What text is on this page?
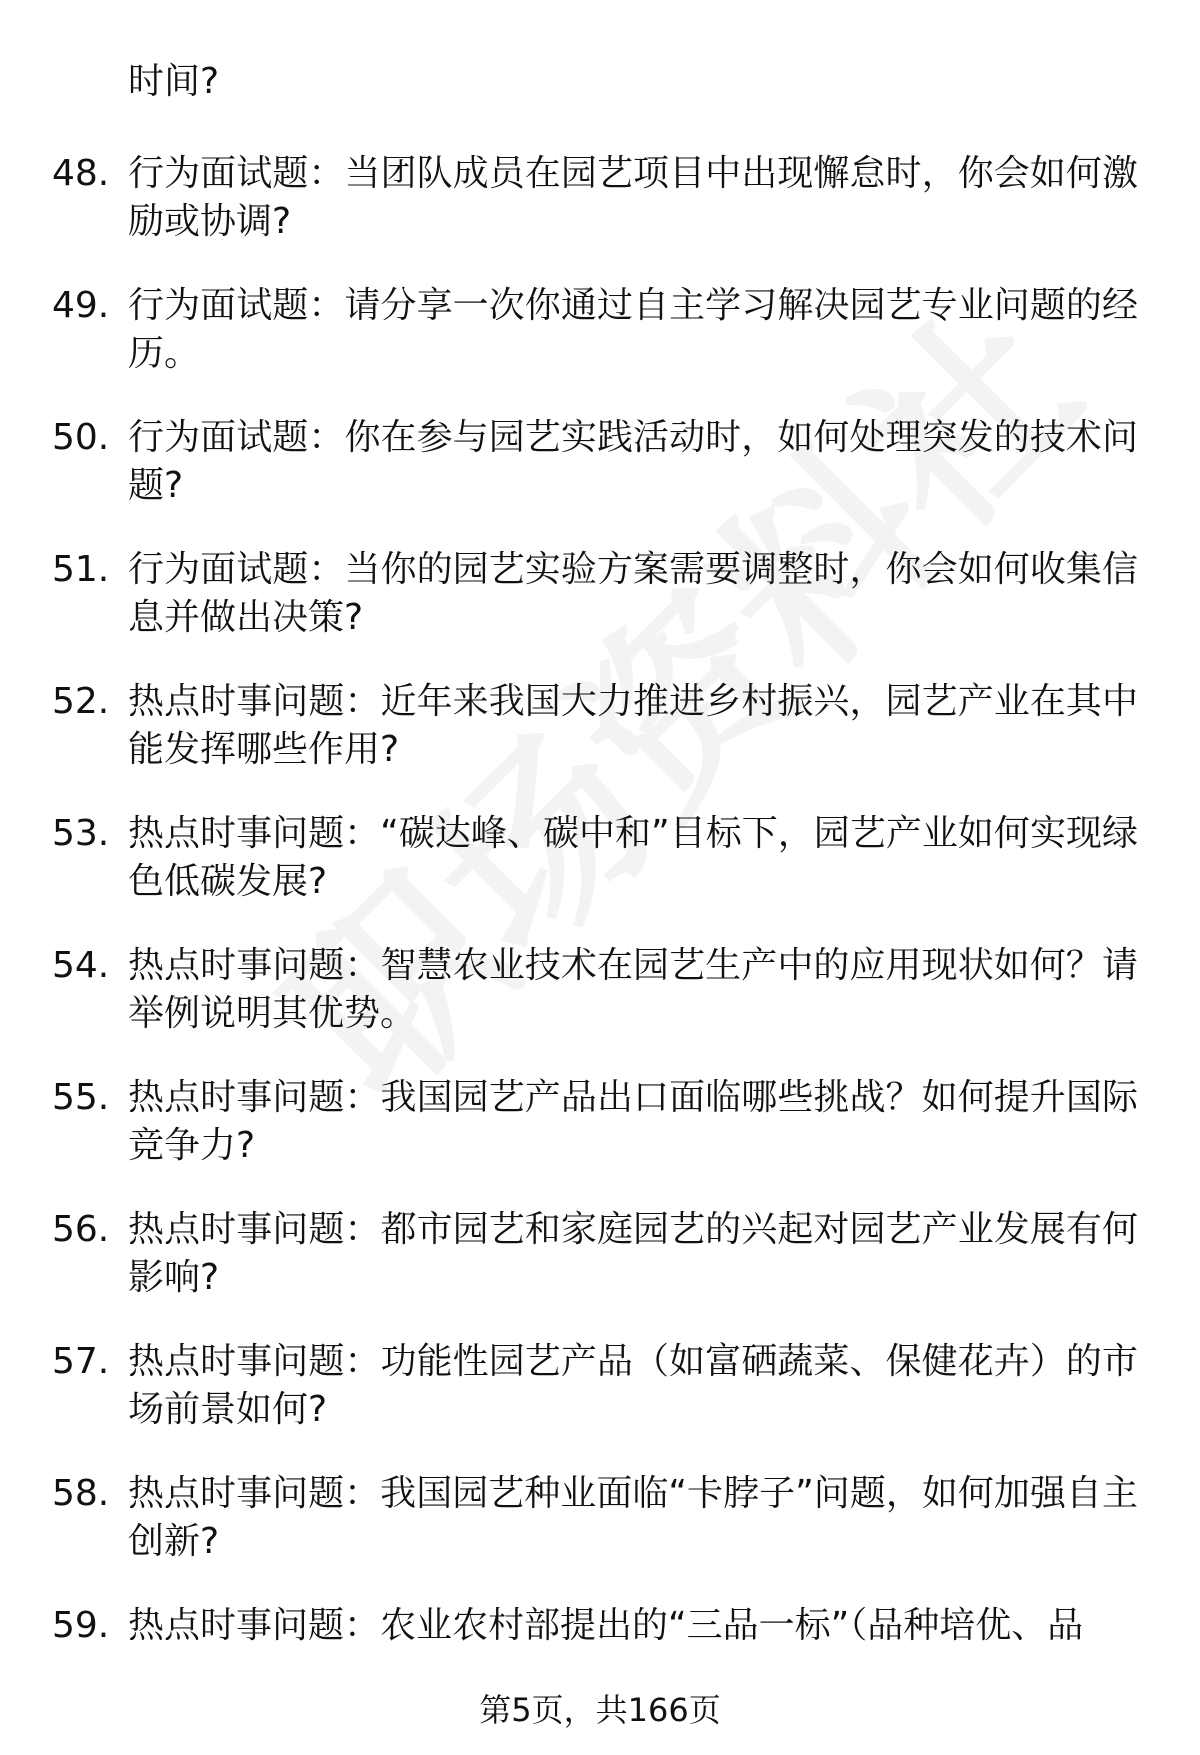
时间?
48. 行为面试题：当团队成员在园艺项目中出现懈怠时，你会如何激励或协调?
49. 行为面试题：请分享一次你通过自主学习解决园艺专业问题的经历。
50. 行为面试题：你在参与园艺实践活动时，如何处理突发的技术问题?
51. 行为面试题：当你的园艺实验方案需要调整时，你会如何收集信息并做出决策?
52. 热点时事问题：近年来我国大力推进乡村振兴，园艺产业在其中能发挥哪些作用?
53. 热点时事问题：“碳达峰、碳中和”目标下，园艺产业如何实现绿色低碳发展?
54. 热点时事问题：智慧农业技术在园艺生产中的应用现状如何？请举例说明其优势。
55. 热点时事问题：我国园艺产品出口面临哪些挑战？如何提升国际竞争力?
56. 热点时事问题：都市园艺和家庭园艺的兴起对园艺产业发展有何影响?
57. 热点时事问题：功能性园艺产品（如富硒蔬菜、保健花卉）的市场前景如何?
58. 热点时事问题：我国园艺种业面临“卡脖子”问题，如何加强自主创新?
59. 热点时事问题：农业农村部提出的“三品一标”（品种培优、品
第5页，共166页
